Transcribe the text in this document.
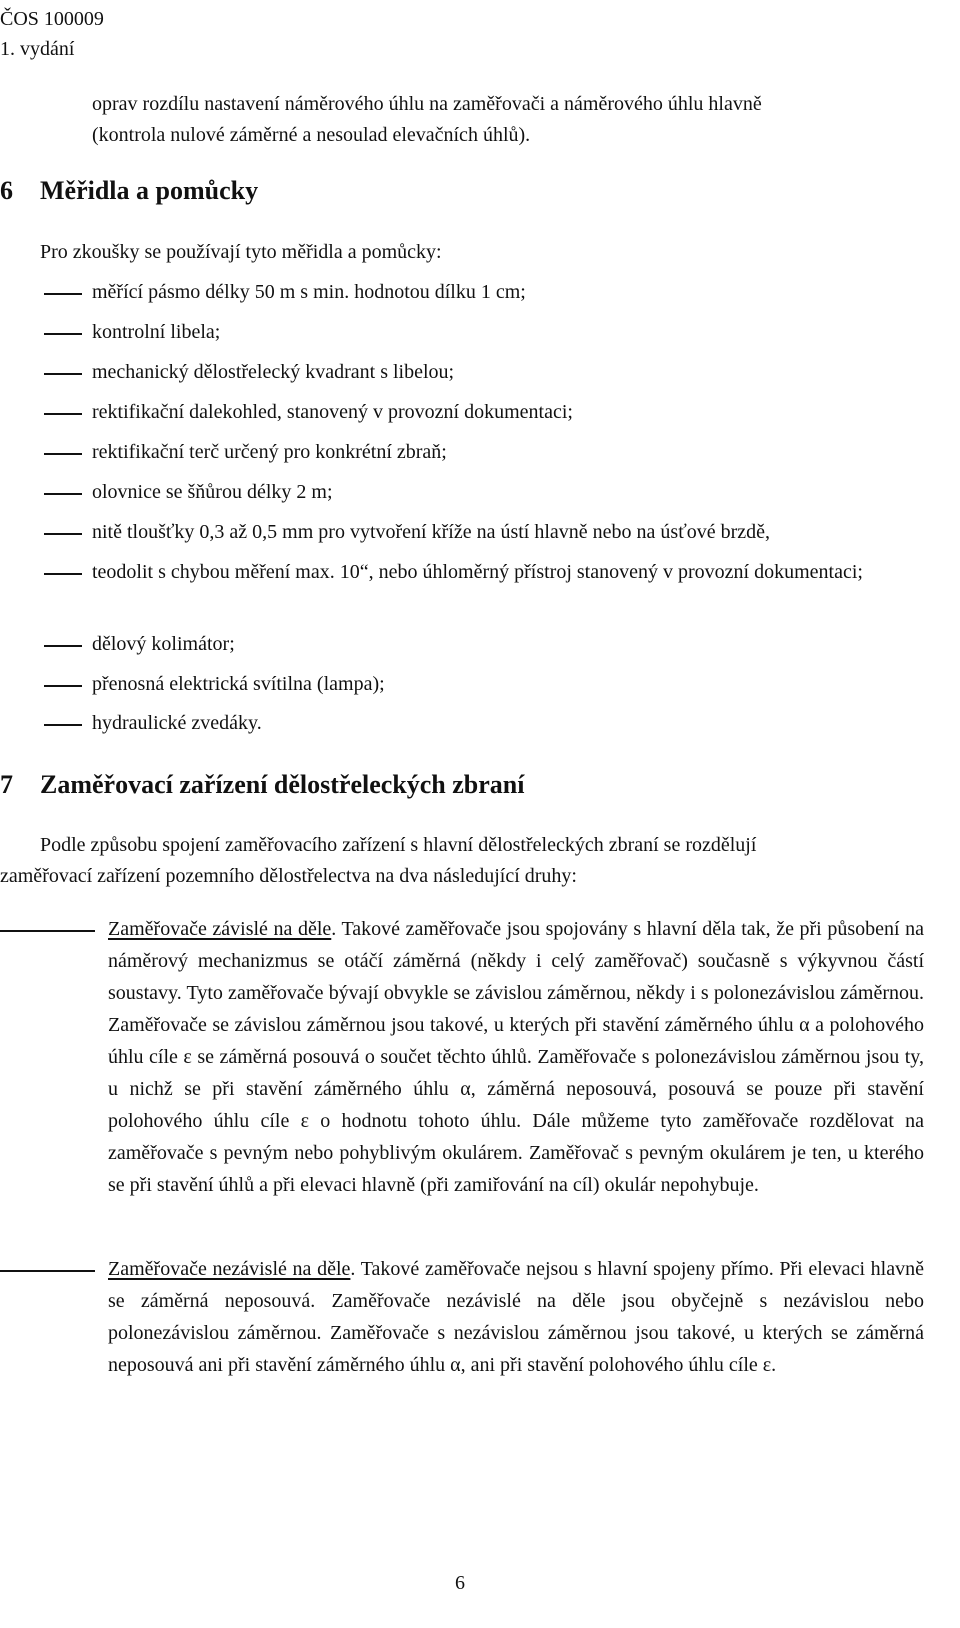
ČOS 100009
1. vydání
oprav rozdílu nastavení náměrového úhlu na zaměřovači a náměrového úhlu hlavně
(kontrola nulové záměrné a nesoulad elevačních úhlů).
6 Měřidla a pomůcky
Pro zkoušky se používají tyto měřidla a pomůcky:
měřící pásmo délky 50 m s min. hodnotou dílku 1 cm;
kontrolní libela;
mechanický dělostřelecký kvadrant s libelou;
rektifikační dalekohled, stanovený v provozní dokumentaci;
rektifikační terč určený pro konkrétní zbraň;
olovnice se šňůrou délky 2 m;
nitě tloušťky 0,3 až 0,5 mm pro vytvoření kříže na ústí hlavně nebo na úsťové brzdě,
teodolit s chybou měření max. 10“, nebo úhloměrný přístroj stanovený v provozní dokumentaci;
dělový kolimátor;
přenosná elektrická svítilna (lampa);
hydraulické zvedáky.
7 Zaměřovací zařízení dělostřeleckých zbraní
Podle způsobu spojení zaměřovacího zařízení s hlavní dělostřeleckých zbraní se rozdělují
zaměřovací zařízení pozemního dělostřelectva na dva následující druhy:
Zaměřovače závislé na děle. Takové zaměřovače jsou spojovány s hlavní děla tak, že při působení na náměrový mechanizmus se otáčí záměrná (někdy i celý zaměřovač) současně s výkyvnou částí soustavy. Tyto zaměřovače bývají obvykle se závislou záměrnou, někdy i s polonezávislou záměrnou. Zaměřovače se závislou záměrnou jsou takové, u kterých při stavění záměrného úhlu α a polohového úhlu cíle ε se záměrná posouvá o součet těchto úhlů. Zaměřovače s polonezávislou záměrnou jsou ty, u nichž se při stavění záměrného úhlu α, záměrná neposouvá, posouvá se pouze při stavění polohového úhlu cíle ε o hodnotu tohoto úhlu. Dále můžeme tyto zaměřovače rozdělovat na zaměřovače s pevným nebo pohyblivým okulárem. Zaměřovač s pevným okulárem je ten, u kterého se při stavění úhlů a při elevaci hlavně (při zamiřování na cíl) okulár nepohybuje.
Zaměřovače nezávislé na děle. Takové zaměřovače nejsou s hlavní spojeny přímo. Při elevaci hlavně se záměrná neposouvá. Zaměřovače nezávislé na děle jsou obyčejně s nezávislou nebo polonezávislou záměrnou. Zaměřovače s nezávislou záměrnou jsou takové, u kterých se záměrná neposouvá ani při stavění záměrného úhlu α, ani při stavění polohového úhlu cíle ε.
6
